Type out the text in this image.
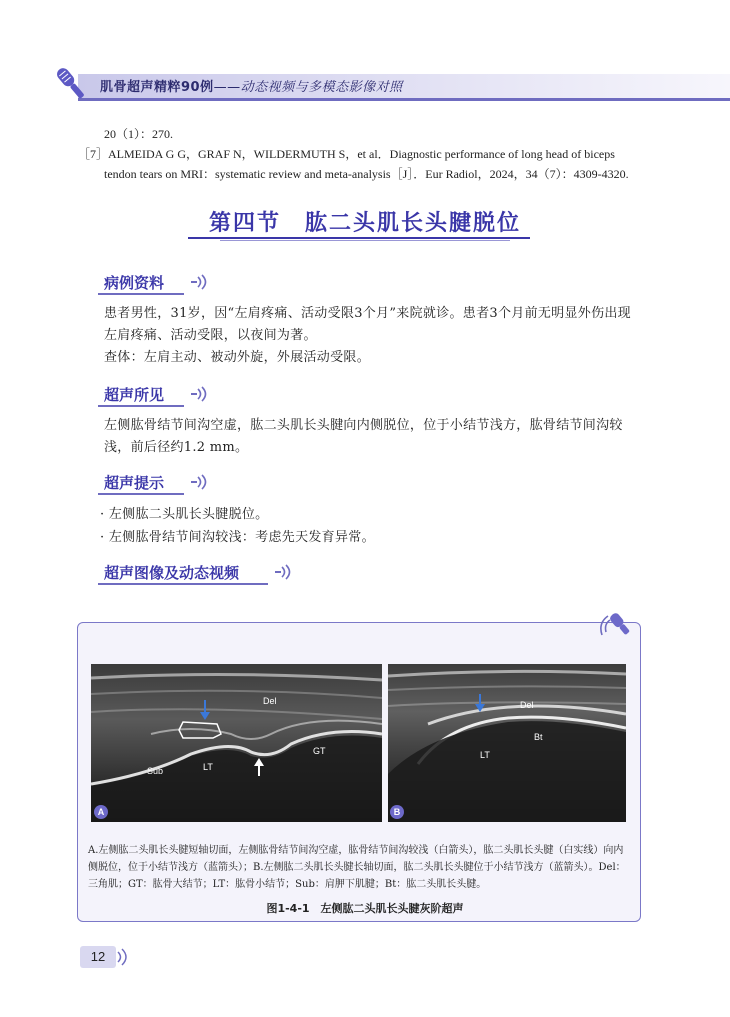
肌骨超声精粹90例——动态视频与多模态影像对照
20（1）：270.
［7］ALMEIDA G G，GRAF N，WILDERMUTH S，et al．Diagnostic performance of long head of biceps
tendon tears on MRI：systematic review and meta-analysis［J］．Eur Radiol，2024，34（7）：4309-4320.
第四节　肱二头肌长头腱脱位
病例资料
患者男性，31岁，因“左肩疼痛、活动受限3个月”来院就诊。患者3个月前无明显外伤出现左肩疼痛、活动受限，以夜间为著。
查体：左肩主动、被动外旋，外展活动受限。
超声所见
左侧肱骨结节间沟空虚，肱二头肌长头腱向内侧脱位，位于小结节浅方，肱骨结节间沟较浅，前后径约1.2 mm。
超声提示
· 左侧肱二头肌长头腱脱位。
· 左侧肱骨结节间沟较浅：考虑先天发育异常。
超声图像及动态视频
Del
GT
LT
Sub
A
Del
Bt
LT
B
A.左侧肱二头肌长头腱短轴切面，左侧肱骨结节间沟空虚，肱骨结节间沟较浅（白箭头），肱二头肌长头腱（白实线）向内侧脱位，位于小结节浅方（蓝箭头）；B.左侧肱二头肌长头腱长轴切面，肱二头肌长头腱位于小结节浅方（蓝箭头）。Del：三角肌；GT：肱骨大结节；LT：肱骨小结节；Sub：肩胛下肌腱；Bt：肱二头肌长头腱。
图1-4-1　左侧肱二头肌长头腱灰阶超声
12
